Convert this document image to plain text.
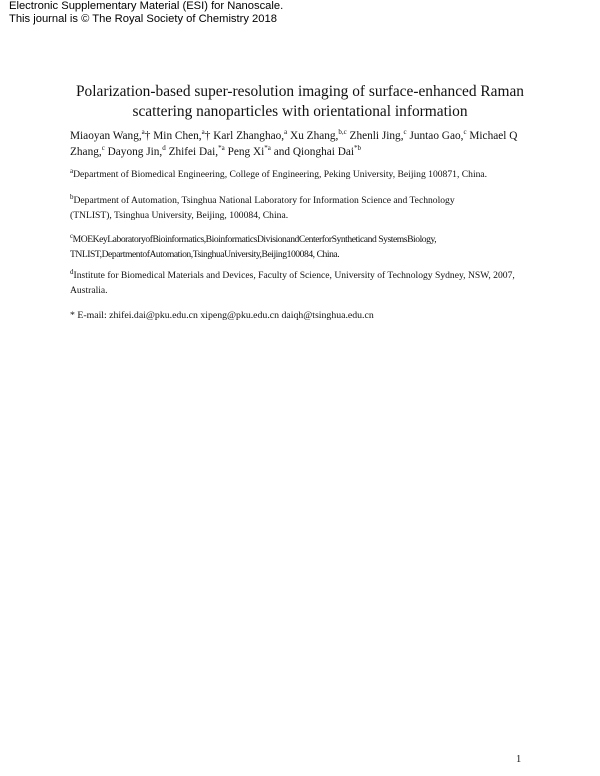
Electronic Supplementary Material (ESI) for Nanoscale.
This journal is © The Royal Society of Chemistry 2018
Polarization-based super-resolution imaging of surface-enhanced Raman
scattering nanoparticles with orientational information
Miaoyan Wang,$^a$† Min Chen,$^a$† Karl Zhanghao,$^a$ Xu Zhang,$^{b,c}$ Zhenli Jing,$^c$ Juntao Gao,$^c$ Michael Q Zhang,$^c$ Dayong Jin,$^d$ Zhifei Dai,$^{*a}$ Peng Xi$^{*a}$ and Qionghai Dai$^{*b}$
$^a$Department of Biomedical Engineering, College of Engineering, Peking University, Beijing 100871, China.
$^b$Department of Automation, Tsinghua National Laboratory for Information Science and Technology
(TNLIST), Tsinghua University, Beijing, 100084, China.
$^c$MOEKeyLaboratoryofBioinformatics,BioinformaticsDivisionandCenterforSyntheticand SystemsBiology,
TNLIST,DepartmentofAutomation,TsinghuaUniversity,Beijing100084, China.
$^d$Institute for Biomedical Materials and Devices, Faculty of Science, University of Technology Sydney, NSW, 2007,
Australia.
* E-mail: zhifei.dai@pku.edu.cn xipeng@pku.edu.cn daiqh@tsinghua.edu.cn
1
